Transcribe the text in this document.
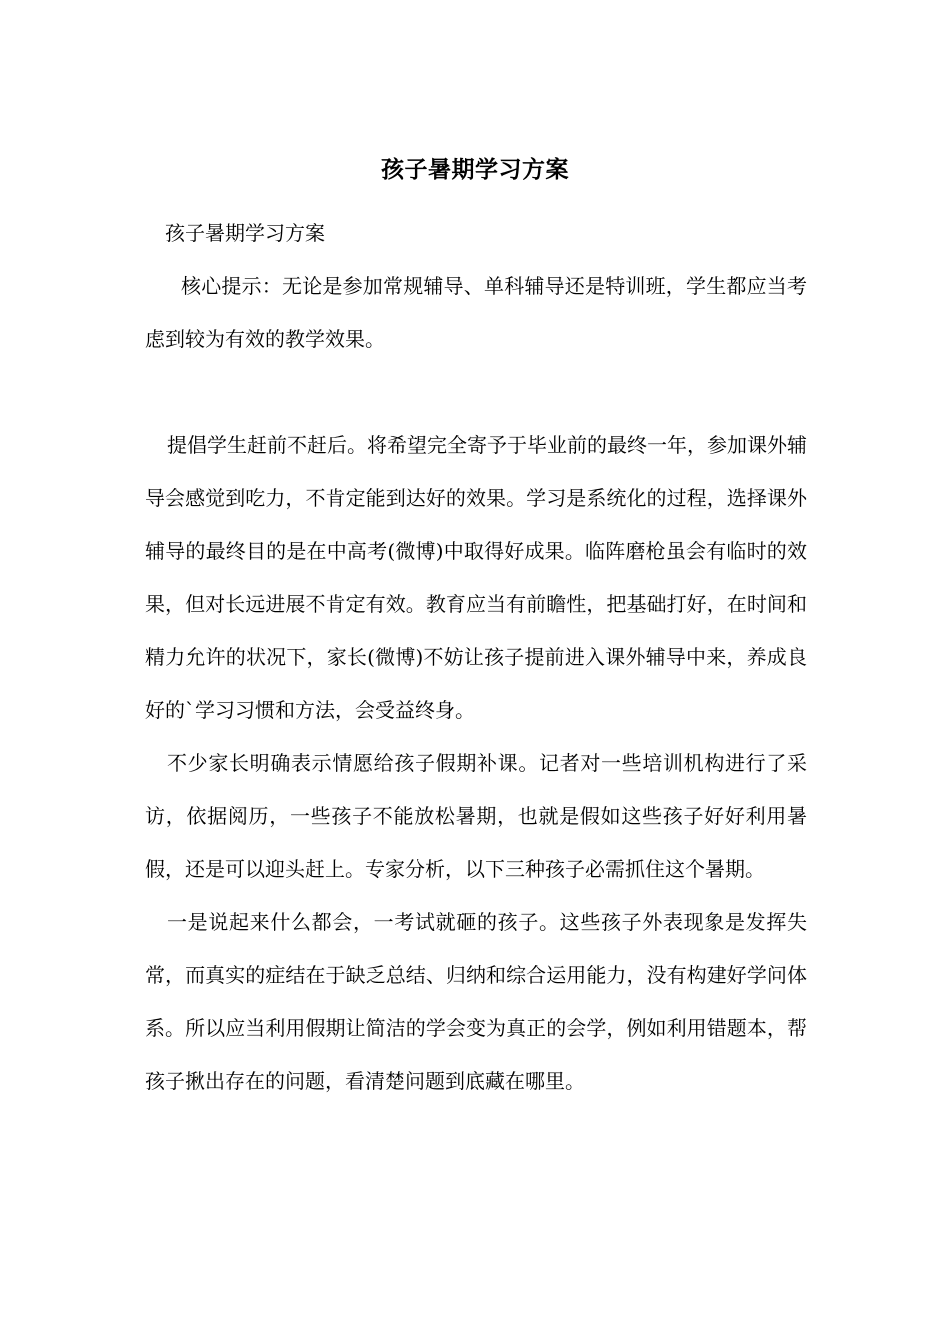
孩子暑期学习方案

孩子暑期学习方案

核心提示：无论是参加常规辅导、单科辅导还是特训班，学生都应当考虑到较为有效的教学效果。

提倡学生赶前不赶后。将希望完全寄予于毕业前的最终一年，参加课外辅导会感觉到吃力，不肯定能到达好的效果。学习是系统化的过程，选择课外辅导的最终目的是在中高考(微博)中取得好成果。临阵磨枪虽会有临时的效果，但对长远进展不肯定有效。教育应当有前瞻性，把基础打好，在时间和精力允许的状况下，家长(微博)不妨让孩子提前进入课外辅导中来，养成良好的`学习习惯和方法，会受益终身。

不少家长明确表示情愿给孩子假期补课。记者对一些培训机构进行了采访，依据阅历，一些孩子不能放松暑期，也就是假如这些孩子好好利用暑假，还是可以迎头赶上。专家分析，以下三种孩子必需抓住这个暑期。

一是说起来什么都会，一考试就砸的孩子。这些孩子外表现象是发挥失常，而真实的症结在于缺乏总结、归纳和综合运用能力，没有构建好学问体系。所以应当利用假期让简洁的学会变为真正的会学，例如利用错题本，帮孩子揪出存在的问题，看清楚问题到底藏在哪里。
